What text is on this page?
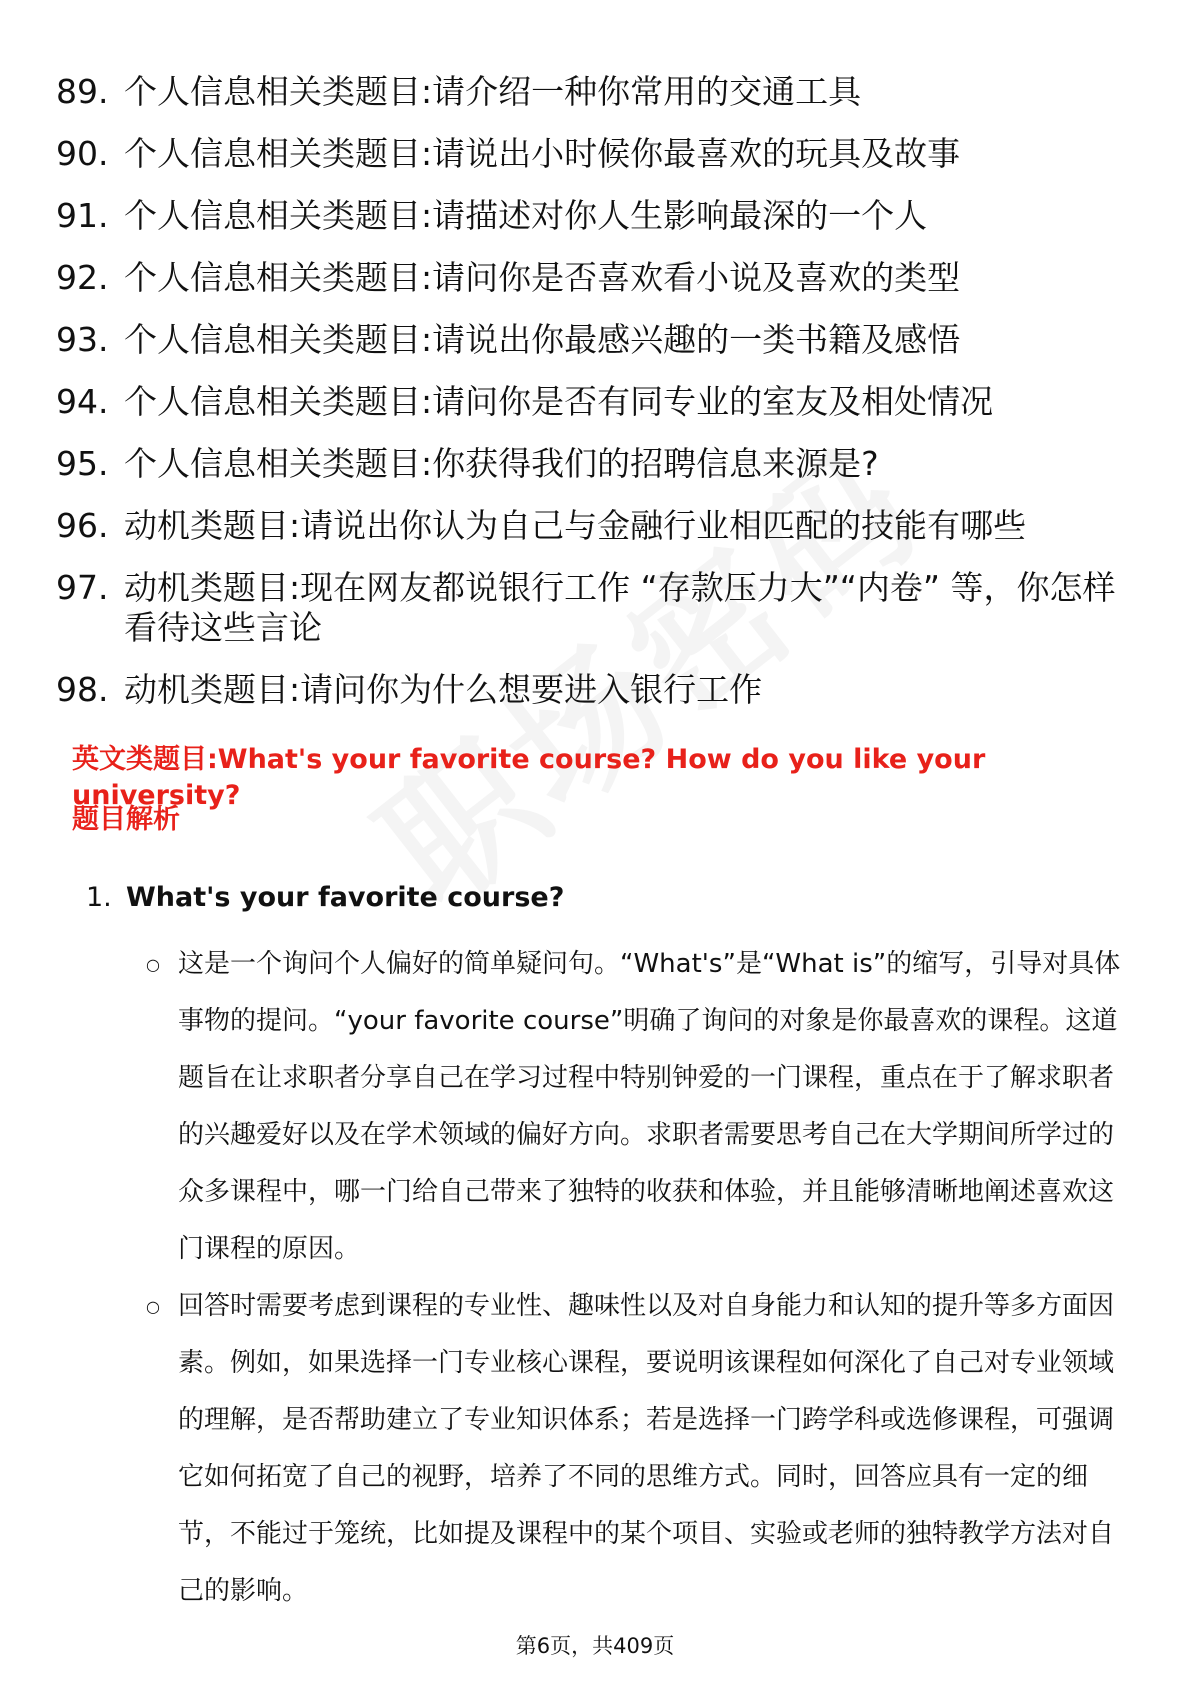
89. 个人信息相关类题目:请介绍一种你常用的交通工具
90. 个人信息相关类题目:请说出小时候你最喜欢的玩具及故事
91. 个人信息相关类题目:请描述对你人生影响最深的一个人
92. 个人信息相关类题目:请问你是否喜欢看小说及喜欢的类型
93. 个人信息相关类题目:请说出你最感兴趣的一类书籍及感悟
94. 个人信息相关类题目:请问你是否有同专业的室友及相处情况
95. 个人信息相关类题目:你获得我们的招聘信息来源是?
96. 动机类题目:请说出你认为自己与金融行业相匹配的技能有哪些
97. 动机类题目:现在网友都说银行工作 “存款压力大”“内卷” 等，你怎样看待这些言论
98. 动机类题目:请问你为什么想要进入银行工作
英文类题目:What's your favorite course? How do you like your university?
题目解析
1. What's your favorite course?
○ 这是一个询问个人偏好的简单疑问句。“What's”是“What is”的缩写，引导对具体事物的提问。“your favorite course”明确了询问的对象是你最喜欢的课程。这道题旨在让求职者分享自己在学习过程中特别钟爱的一门课程，重点在于了解求职者的兴趣爱好以及在学术领域的偏好方向。求职者需要思考自己在大学期间所学过的众多课程中，哪一门给自己带来了独特的收获和体验，并且能够清晰地阐述喜欢这门课程的原因。
○ 回答时需要考虑到课程的专业性、趣味性以及对自身能力和认知的提升等多方面因素。例如，如果选择一门专业核心课程，要说明该课程如何深化了自己对专业领域的理解，是否帮助建立了专业知识体系；若是选择一门跨学科或选修课程，可强调它如何拓宽了自己的视野，培养了不同的思维方式。同时，回答应具有一定的细节，不能过于笼统，比如提及课程中的某个项目、实验或老师的独特教学方法对自己的影响。
第6页，共409页
